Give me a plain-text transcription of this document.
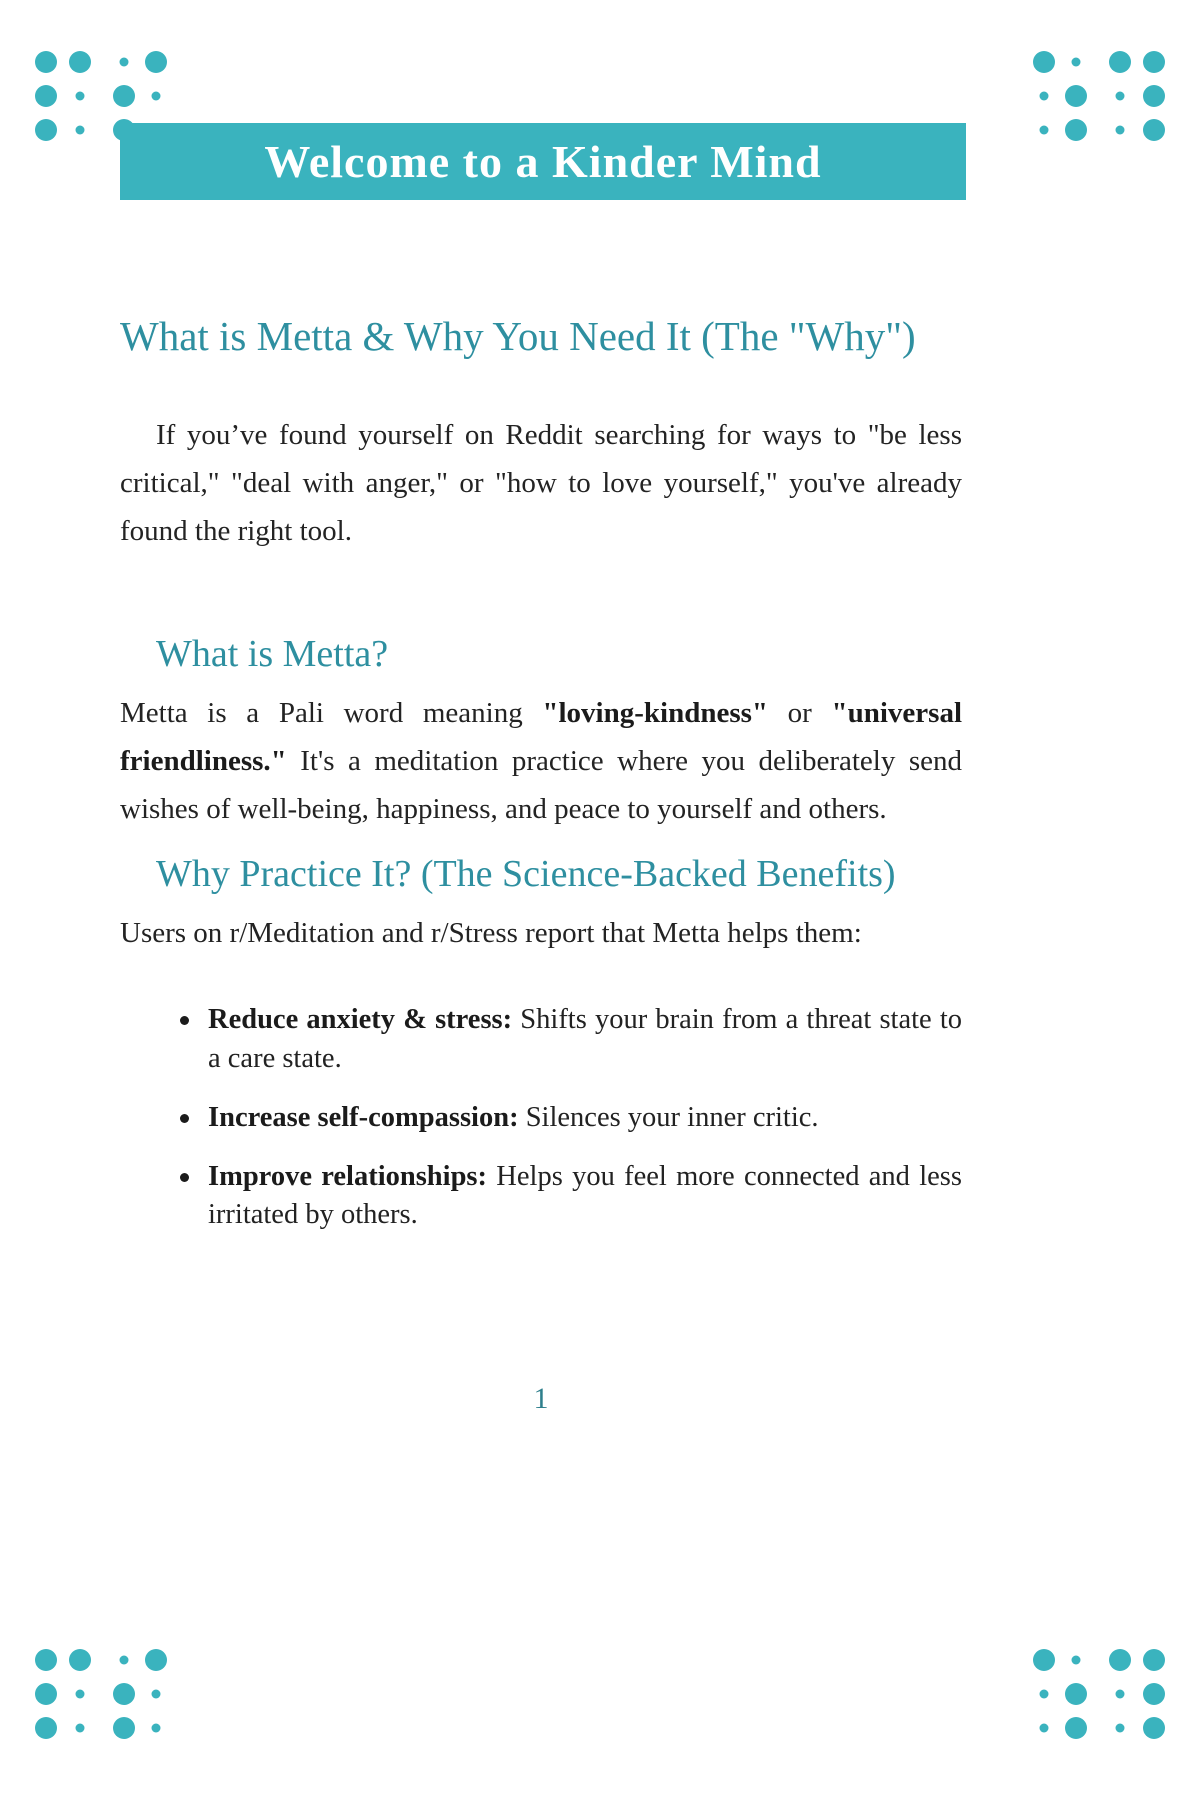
Welcome to a Kinder Mind
What is Metta & Why You Need It (The "Why")

If you’ve found yourself on Reddit searching for ways to "be less critical," "deal with anger," or "how to love yourself," you've already found the right tool.

What is Metta?

Metta is a Pali word meaning "loving-kindness" or "universal friendliness." It's a meditation practice where you deliberately send wishes of well-being, happiness, and peace to yourself and others.

Why Practice It? (The Science-Backed Benefits)

Users on r/Meditation and r/Stress report that Metta helps them:

Reduce anxiety & stress: Shifts your brain from a threat state to a care state.
Increase self-compassion: Silences your inner critic.
Improve relationships: Helps you feel more connected and less irritated by others.
1
